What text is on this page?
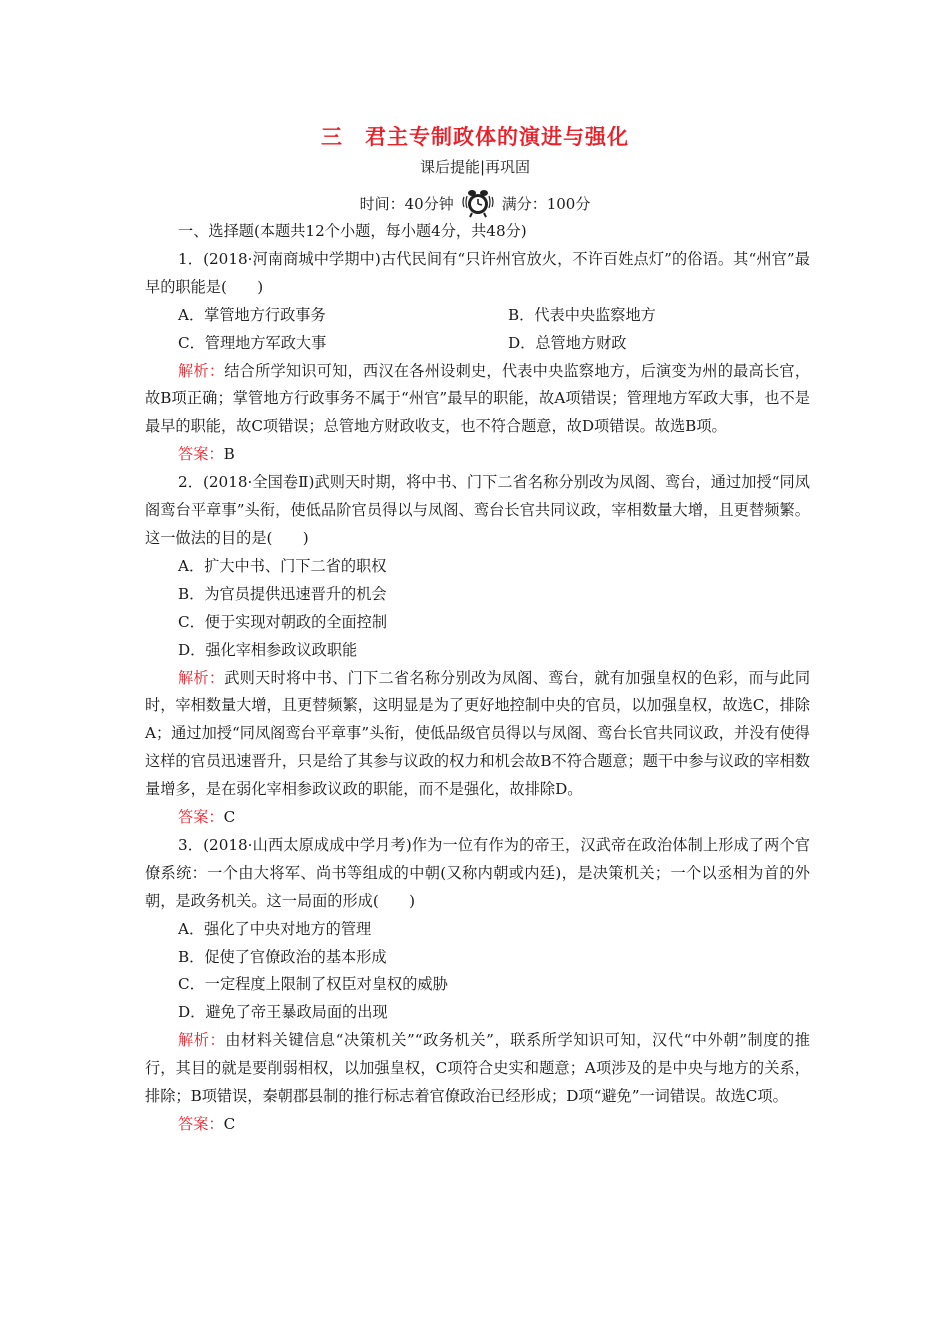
三　君主专制政体的演进与强化
课后提能|再巩固
时间：40分钟	满分：100分

一、选择题(本题共12个小题，每小题4分，共48分)

1．(2018·河南商城中学期中)古代民间有“只许州官放火，不许百姓点灯”的俗语。其“州官”最早的职能是(　　)

A．掌管地方行政事务	B．代表中央监察地方
C．管理地方军政大事	D．总管地方财政

解析：结合所学知识可知，西汉在各州设刺史，代表中央监察地方，后演变为州的最高长官，故B项正确；掌管地方行政事务不属于“州官”最早的职能，故A项错误；管理地方军政大事，也不是最早的职能，故C项错误；总管地方财政收支，也不符合题意，故D项错误。故选B项。

答案：B

2．(2018·全国卷Ⅱ)武则天时期，将中书、门下二省名称分别改为凤阁、鸾台，通过加授“同凤阁鸾台平章事”头衔，使低品阶官员得以与凤阁、鸾台长官共同议政，宰相数量大增，且更替频繁。这一做法的目的是(　　)

A．扩大中书、门下二省的职权

B．为官员提供迅速晋升的机会

C．便于实现对朝政的全面控制

D．强化宰相参政议政职能

解析：武则天时将中书、门下二省名称分别改为凤阁、鸾台，就有加强皇权的色彩，而与此同时，宰相数量大增，且更替频繁，这明显是为了更好地控制中央的官员，以加强皇权，故选C，排除A；通过加授“同凤阁鸾台平章事”头衔，使低品级官员得以与凤阁、鸾台长官共同议政，并没有使得这样的官员迅速晋升，只是给了其参与议政的权力和机会故B不符合题意；题干中参与议政的宰相数量增多，是在弱化宰相参政议政的职能，而不是强化，故排除D。

答案：C

3．(2018·山西太原成成中学月考)作为一位有作为的帝王，汉武帝在政治体制上形成了两个官僚系统：一个由大将军、尚书等组成的中朝(又称内朝或内廷)，是决策机关；一个以丞相为首的外朝，是政务机关。这一局面的形成(　　)

A．强化了中央对地方的管理

B．促使了官僚政治的基本形成

C．一定程度上限制了权臣对皇权的威胁

D．避免了帝王暴政局面的出现

解析：由材料关键信息“决策机关”“政务机关”，联系所学知识可知，汉代“中外朝”制度的推行，其目的就是要削弱相权，以加强皇权，C项符合史实和题意；A项涉及的是中央与地方的关系，排除；B项错误，秦朝郡县制的推行标志着官僚政治已经形成；D项“避免”一词错误。故选C项。

答案：C
